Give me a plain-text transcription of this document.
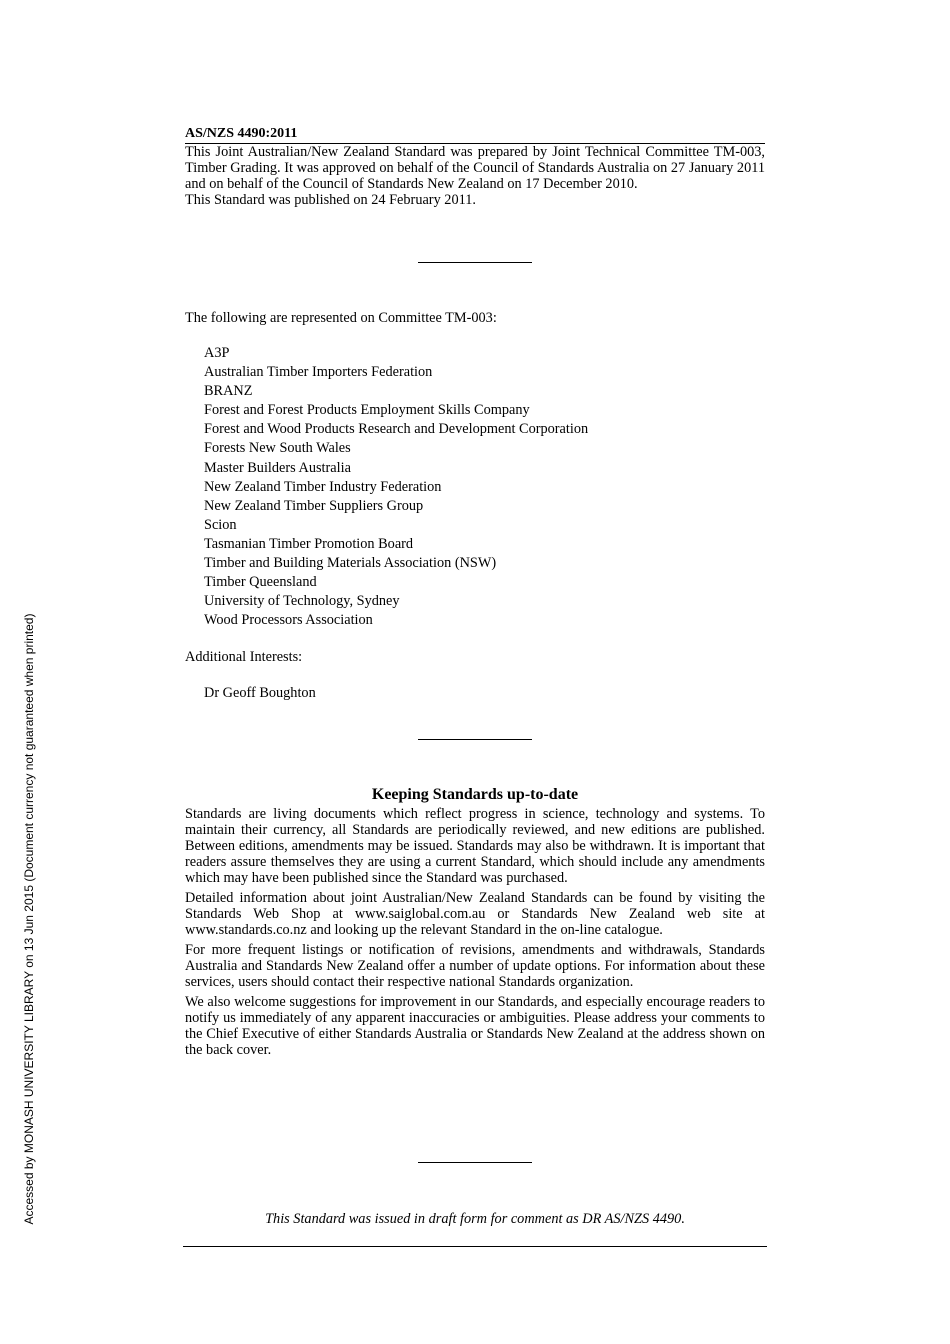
Accessed by MONASH UNIVERSITY LIBRARY on 13 Jun 2015 (Document currency not guaranteed when printed)
AS/NZS 4490:2011

This Joint Australian/New Zealand Standard was prepared by Joint Technical Committee TM-003, Timber Grading. It was approved on behalf of the Council of Standards Australia on 27 January 2011 and on behalf of the Council of Standards New Zealand on 17 December 2010.

This Standard was published on 24 February 2011.

The following are represented on Committee TM-003:
A3P
Australian Timber Importers Federation
BRANZ
Forest and Forest Products Employment Skills Company
Forest and Wood Products Research and Development Corporation
Forests New South Wales
Master Builders Australia
New Zealand Timber Industry Federation
New Zealand Timber Suppliers Group
Scion
Tasmanian Timber Promotion Board
Timber and Building Materials Association (NSW)
Timber Queensland
University of Technology, Sydney
Wood Processors Association
Additional Interests:
Dr Geoff Boughton
Keeping Standards up-to-date

Standards are living documents which reflect progress in science, technology and systems. To maintain their currency, all Standards are periodically reviewed, and new editions are published. Between editions, amendments may be issued. Standards may also be withdrawn. It is important that readers assure themselves they are using a current Standard, which should include any amendments which may have been published since the Standard was purchased.

Detailed information about joint Australian/New Zealand Standards can be found by visiting the Standards Web Shop at www.saiglobal.com.au or Standards New Zealand web site at www.standards.co.nz and looking up the relevant Standard in the on-line catalogue.

For more frequent listings or notification of revisions, amendments and withdrawals, Standards Australia and Standards New Zealand offer a number of update options. For information about these services, users should contact their respective national Standards organization.

We also welcome suggestions for improvement in our Standards, and especially encourage readers to notify us immediately of any apparent inaccuracies or ambiguities. Please address your comments to the Chief Executive of either Standards Australia or Standards New Zealand at the address shown on the back cover.

This Standard was issued in draft form for comment as DR AS/NZS 4490.
